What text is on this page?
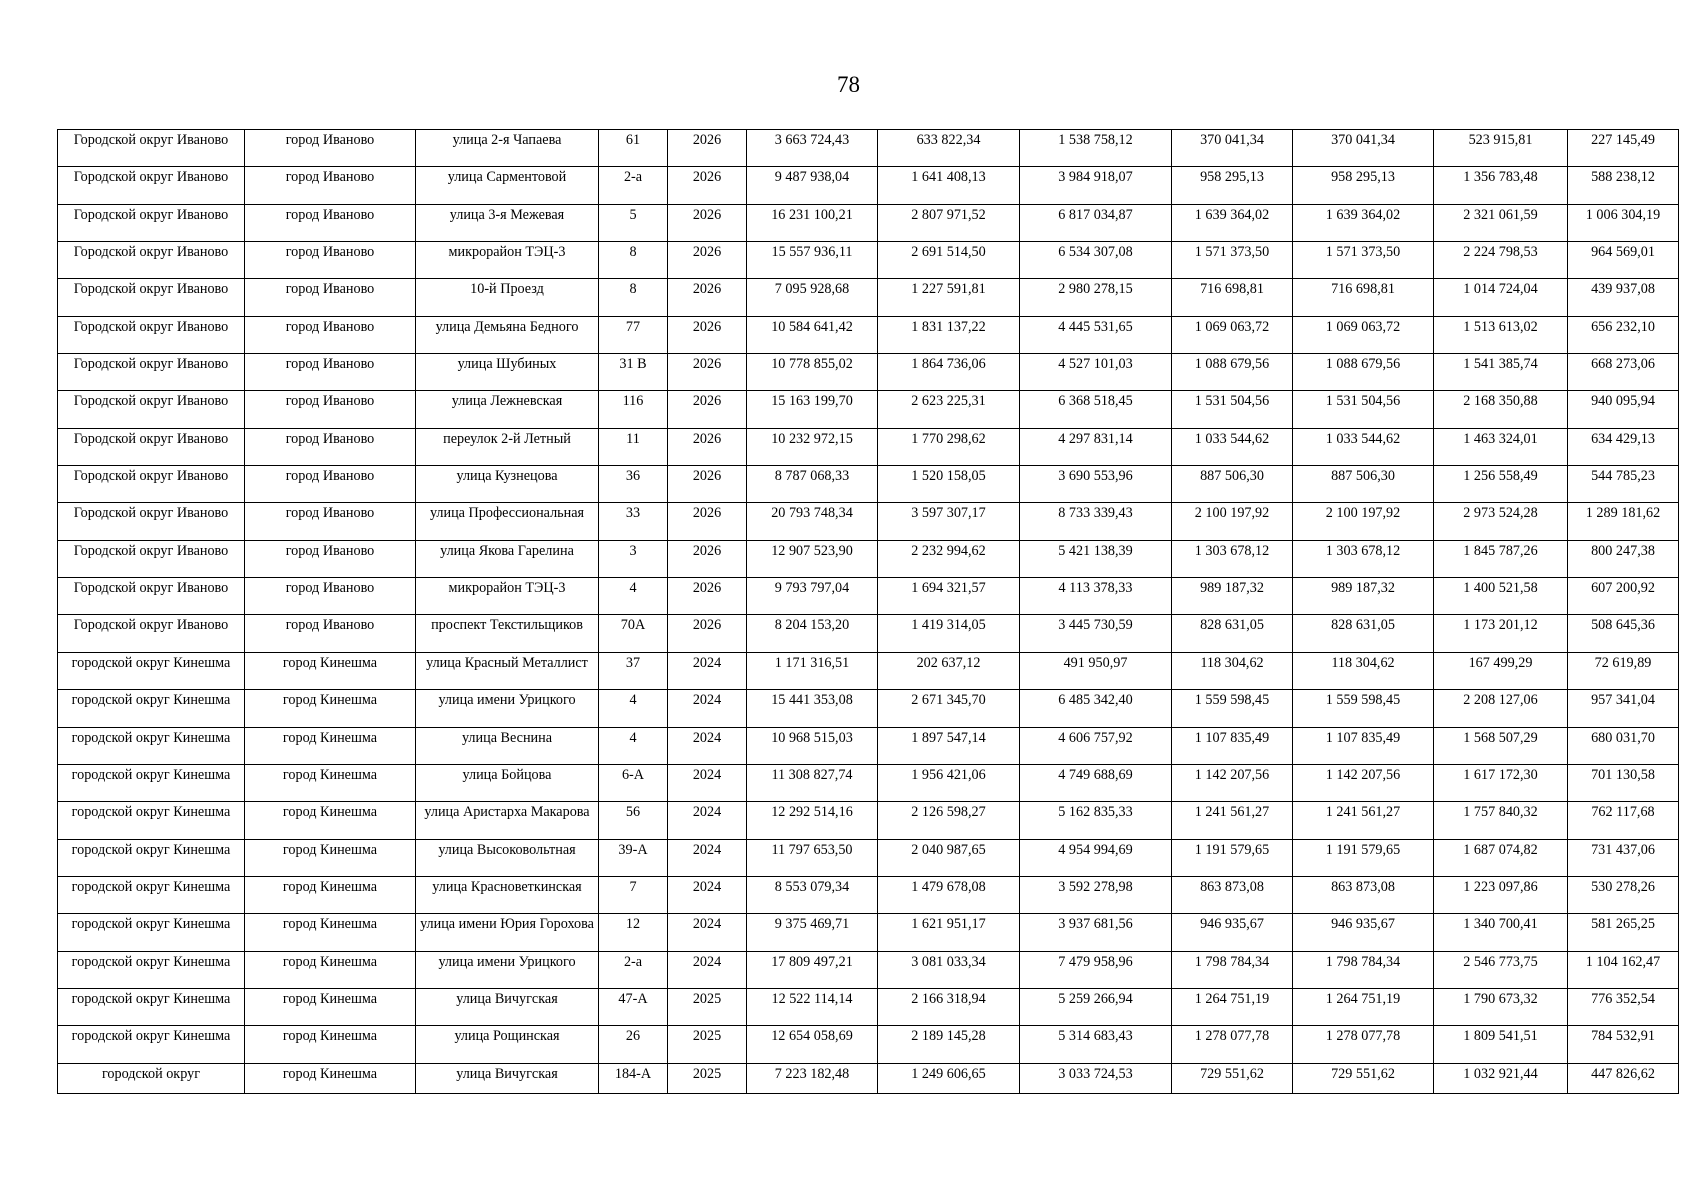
78
Городской округ Иваново	город Иваново	улица 2-я Чапаева	61	2026	3 663 724,43	633 822,34	1 538 758,12	370 041,34	370 041,34	523 915,81	227 145,49
Городской округ Иваново	город Иваново	улица Сарментовой	2-а	2026	9 487 938,04	1 641 408,13	3 984 918,07	958 295,13	958 295,13	1 356 783,48	588 238,12
Городской округ Иваново	город Иваново	улица 3-я Межевая	5	2026	16 231 100,21	2 807 971,52	6 817 034,87	1 639 364,02	1 639 364,02	2 321 061,59	1 006 304,19
Городской округ Иваново	город Иваново	микрорайон ТЭЦ-3	8	2026	15 557 936,11	2 691 514,50	6 534 307,08	1 571 373,50	1 571 373,50	2 224 798,53	964 569,01
Городской округ Иваново	город Иваново	10-й Проезд	8	2026	7 095 928,68	1 227 591,81	2 980 278,15	716 698,81	716 698,81	1 014 724,04	439 937,08
Городской округ Иваново	город Иваново	улица Демьяна Бедного	77	2026	10 584 641,42	1 831 137,22	4 445 531,65	1 069 063,72	1 069 063,72	1 513 613,02	656 232,10
Городской округ Иваново	город Иваново	улица Шубиных	31 В	2026	10 778 855,02	1 864 736,06	4 527 101,03	1 088 679,56	1 088 679,56	1 541 385,74	668 273,06
Городской округ Иваново	город Иваново	улица Лежневская	116	2026	15 163 199,70	2 623 225,31	6 368 518,45	1 531 504,56	1 531 504,56	2 168 350,88	940 095,94
Городской округ Иваново	город Иваново	переулок 2-й Летный	11	2026	10 232 972,15	1 770 298,62	4 297 831,14	1 033 544,62	1 033 544,62	1 463 324,01	634 429,13
Городской округ Иваново	город Иваново	улица Кузнецова	36	2026	8 787 068,33	1 520 158,05	3 690 553,96	887 506,30	887 506,30	1 256 558,49	544 785,23
Городской округ Иваново	город Иваново	улица Профессиональная	33	2026	20 793 748,34	3 597 307,17	8 733 339,43	2 100 197,92	2 100 197,92	2 973 524,28	1 289 181,62
Городской округ Иваново	город Иваново	улица Якова Гарелина	3	2026	12 907 523,90	2 232 994,62	5 421 138,39	1 303 678,12	1 303 678,12	1 845 787,26	800 247,38
Городской округ Иваново	город Иваново	микрорайон ТЭЦ-3	4	2026	9 793 797,04	1 694 321,57	4 113 378,33	989 187,32	989 187,32	1 400 521,58	607 200,92
Городской округ Иваново	город Иваново	проспект Текстильщиков	70А	2026	8 204 153,20	1 419 314,05	3 445 730,59	828 631,05	828 631,05	1 173 201,12	508 645,36
городской округ Кинешма	город Кинешма	улица Красный Металлист	37	2024	1 171 316,51	202 637,12	491 950,97	118 304,62	118 304,62	167 499,29	72 619,89
городской округ Кинешма	город Кинешма	улица имени Урицкого	4	2024	15 441 353,08	2 671 345,70	6 485 342,40	1 559 598,45	1 559 598,45	2 208 127,06	957 341,04
городской округ Кинешма	город Кинешма	улица Веснина	4	2024	10 968 515,03	1 897 547,14	4 606 757,92	1 107 835,49	1 107 835,49	1 568 507,29	680 031,70
городской округ Кинешма	город Кинешма	улица Бойцова	6-А	2024	11 308 827,74	1 956 421,06	4 749 688,69	1 142 207,56	1 142 207,56	1 617 172,30	701 130,58
городской округ Кинешма	город Кинешма	улица Аристарха Макарова	56	2024	12 292 514,16	2 126 598,27	5 162 835,33	1 241 561,27	1 241 561,27	1 757 840,32	762 117,68
городской округ Кинешма	город Кинешма	улица Высоковольтная	39-А	2024	11 797 653,50	2 040 987,65	4 954 994,69	1 191 579,65	1 191 579,65	1 687 074,82	731 437,06
городской округ Кинешма	город Кинешма	улица Красноветкинская	7	2024	8 553 079,34	1 479 678,08	3 592 278,98	863 873,08	863 873,08	1 223 097,86	530 278,26
городской округ Кинешма	город Кинешма	улица имени Юрия Горохова	12	2024	9 375 469,71	1 621 951,17	3 937 681,56	946 935,67	946 935,67	1 340 700,41	581 265,25
городской округ Кинешма	город Кинешма	улица имени Урицкого	2-а	2024	17 809 497,21	3 081 033,34	7 479 958,96	1 798 784,34	1 798 784,34	2 546 773,75	1 104 162,47
городской округ Кинешма	город Кинешма	улица Вичугская	47-А	2025	12 522 114,14	2 166 318,94	5 259 266,94	1 264 751,19	1 264 751,19	1 790 673,32	776 352,54
городской округ Кинешма	город Кинешма	улица Рощинская	26	2025	12 654 058,69	2 189 145,28	5 314 683,43	1 278 077,78	1 278 077,78	1 809 541,51	784 532,91
городской округ	город Кинешма	улица Вичугская	184-А	2025	7 223 182,48	1 249 606,65	3 033 724,53	729 551,62	729 551,62	1 032 921,44	447 826,62
